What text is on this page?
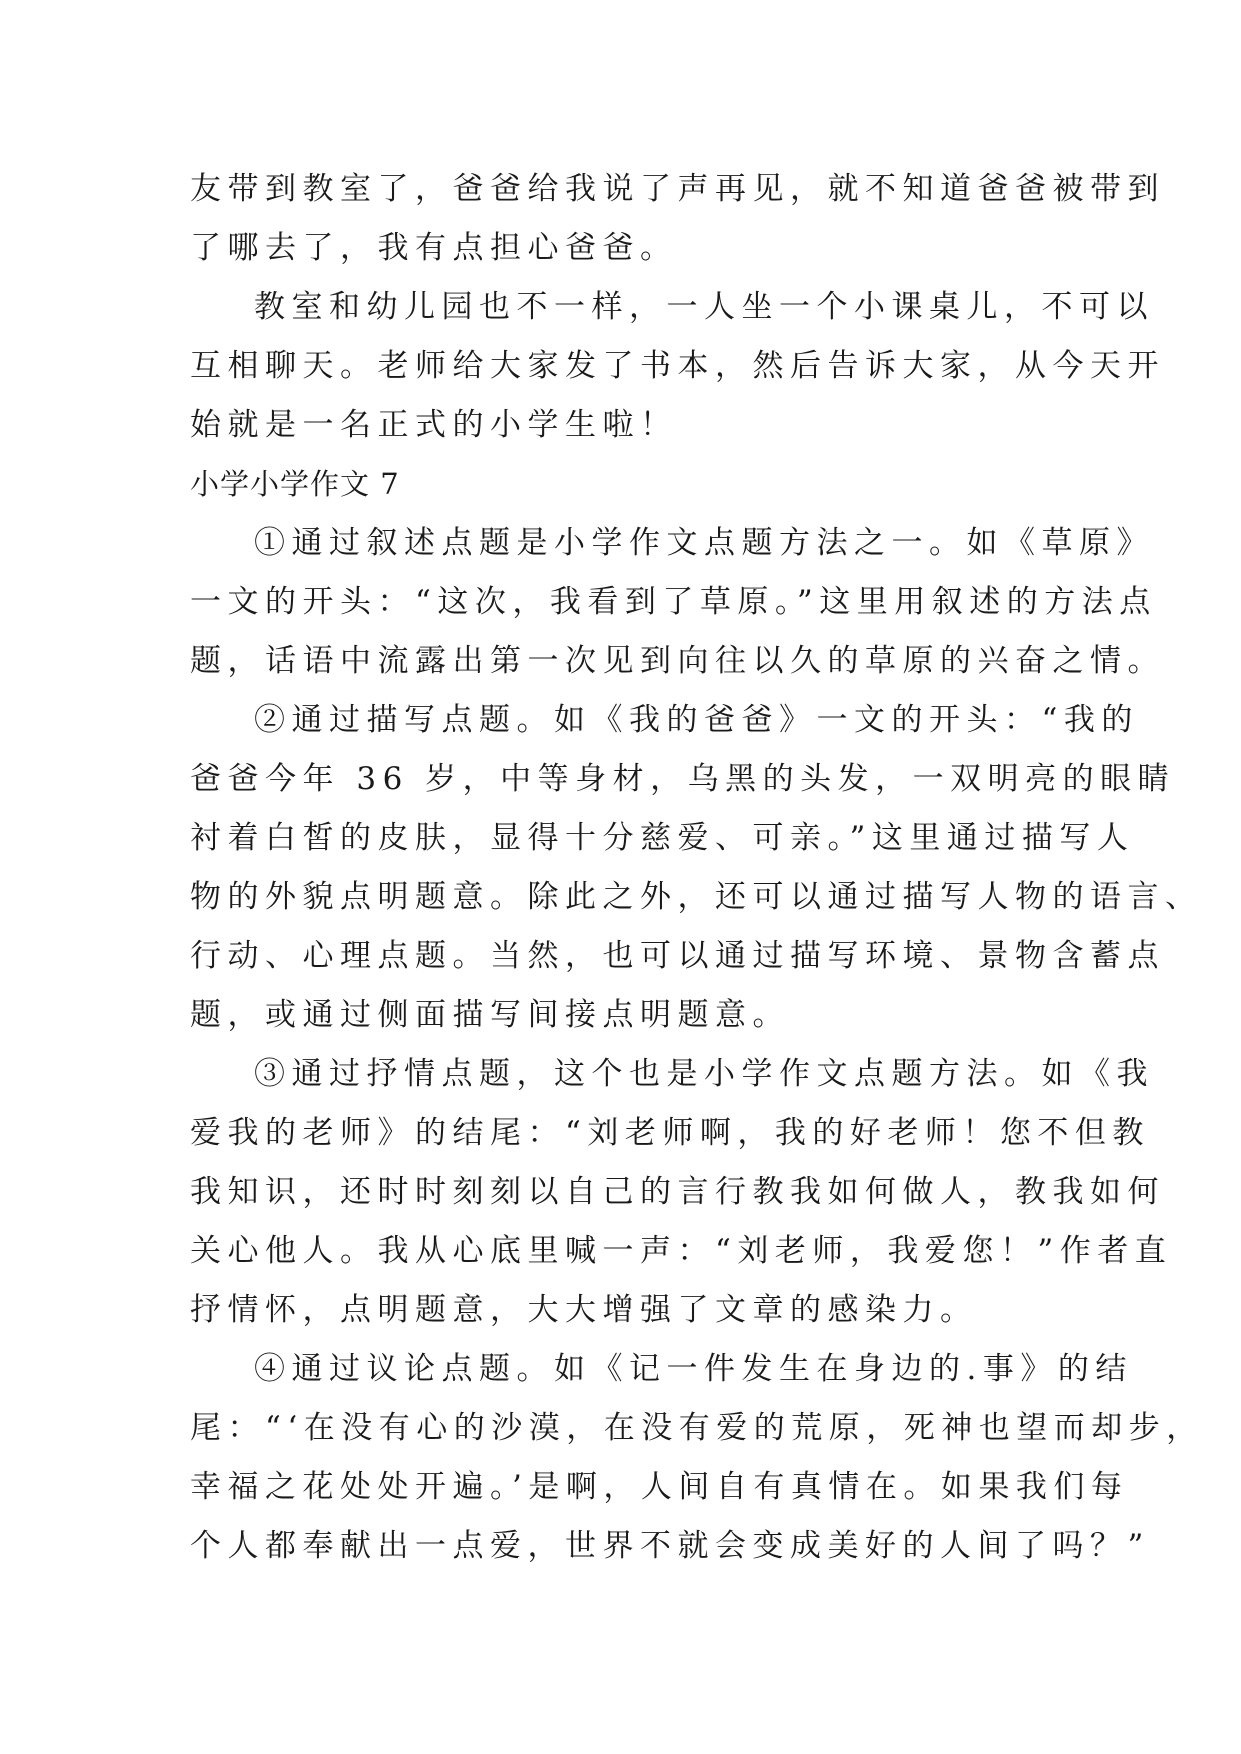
友带到教室了，爸爸给我说了声再见，就不知道爸爸被带到
了哪去了，我有点担心爸爸。
教室和幼儿园也不一样，一人坐一个小课桌儿，不可以
互相聊天。老师给大家发了书本，然后告诉大家，从今天开
始就是一名正式的小学生啦！
小学小学作文 7
①通过叙述点题是小学作文点题方法之一。如《草原》
一文的开头：“这次，我看到了草原。”这里用叙述的方法点
题，话语中流露出第一次见到向往以久的草原的兴奋之情。
②通过描写点题。如《我的爸爸》一文的开头：“我的
爸爸今年 36 岁，中等身材，乌黑的头发，一双明亮的眼睛
衬着白皙的皮肤，显得十分慈爱、可亲。”这里通过描写人
物的外貌点明题意。除此之外，还可以通过描写人物的语言、
行动、心理点题。当然，也可以通过描写环境、景物含蓄点
题，或通过侧面描写间接点明题意。
③通过抒情点题，这个也是小学作文点题方法。如《我
爱我的老师》的结尾：“刘老师啊，我的好老师！您不但教
我知识，还时时刻刻以自己的言行教我如何做人，教我如何
关心他人。我从心底里喊一声：“刘老师，我爱您！”作者直
抒情怀，点明题意，大大增强了文章的感染力。
④通过议论点题。如《记一件发生在身边的.事》的结
尾：“‘在没有心的沙漠，在没有爱的荒原，死神也望而却步，
幸福之花处处开遍。’是啊，人间自有真情在。如果我们每
个人都奉献出一点爱，世界不就会变成美好的人间了吗？”
